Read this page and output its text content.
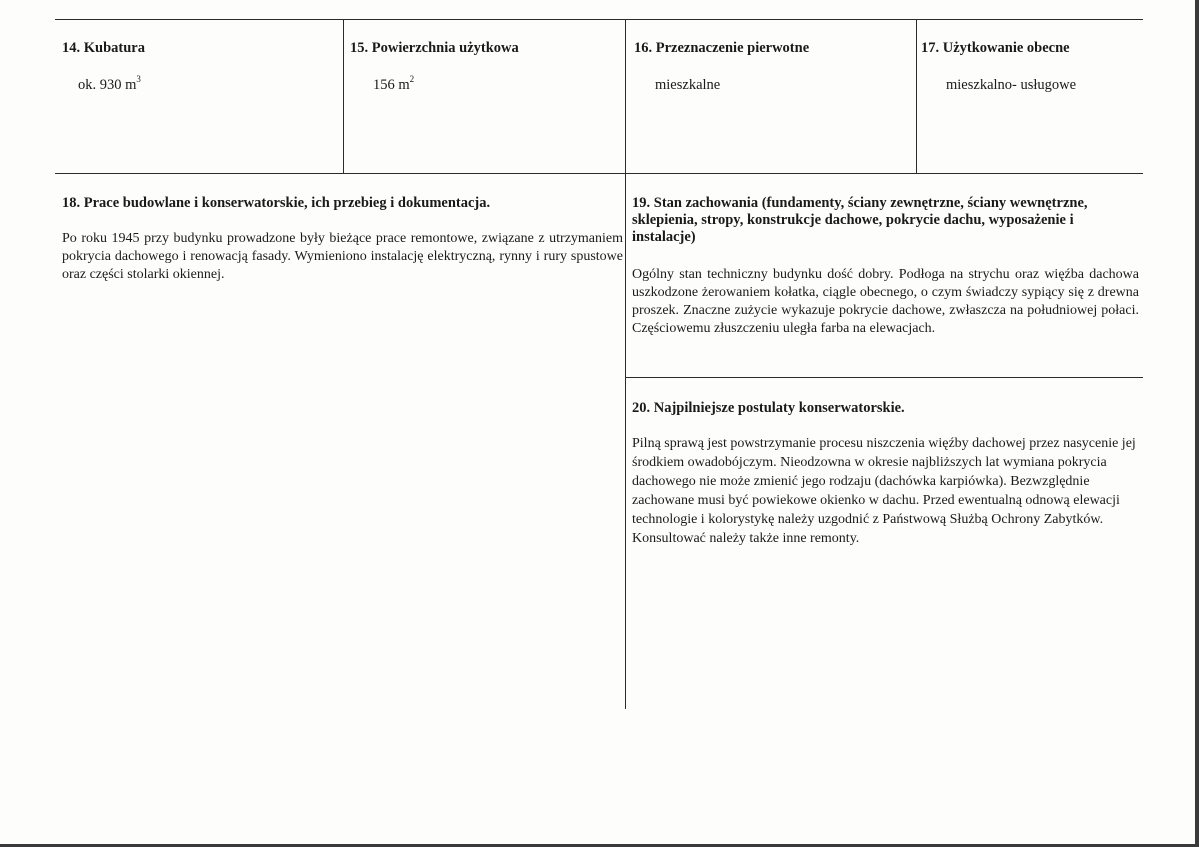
14. Kubatura
ok. 930 $m^3$
15. Powierzchnia użytkowa
156 $m^2$
16. Przeznaczenie pierwotne
mieszkalne
17. Użytkowanie obecne
mieszkalno- usługowe
18. Prace budowlane i konserwatorskie, ich przebieg i dokumentacja.
Po roku 1945 przy budynku prowadzone były bieżące prace remontowe, związane z utrzymaniem pokrycia dachowego i renowacją fasady. Wymieniono instalację elektryczną, rynny i rury spustowe oraz części stolarki okiennej.
19. Stan zachowania (fundamenty, ściany zewnętrzne, ściany wewnętrzne, sklepienia, stropy, konstrukcje dachowe, pokrycie dachu, wyposażenie i instalacje)
Ogólny stan techniczny budynku dość dobry. Podłoga na strychu oraz więźba dachowa uszkodzone żerowaniem kołatka, ciągle obecnego, o czym świadczy sypiący się z drewna proszek. Znaczne zużycie wykazuje pokrycie dachowe, zwłaszcza na południowej połaci. Częściowemu złuszczeniu uległa farba na elewacjach.
20. Najpilniejsze postulaty konserwatorskie.
Pilną sprawą jest powstrzymanie procesu niszczenia więźby dachowej przez nasycenie jej środkiem owadobójczym. Nieodzowna w okresie najbliższych lat wymiana pokrycia dachowego nie może zmienić jego rodzaju (dachówka karpiówka). Bezwzględnie zachowane musi być powiekowe okienko w dachu. Przed ewentualną odnową elewacji technologie i kolorystykę należy uzgodnić z Państwową Służbą Ochrony Zabytków. Konsultować należy także inne remonty.
